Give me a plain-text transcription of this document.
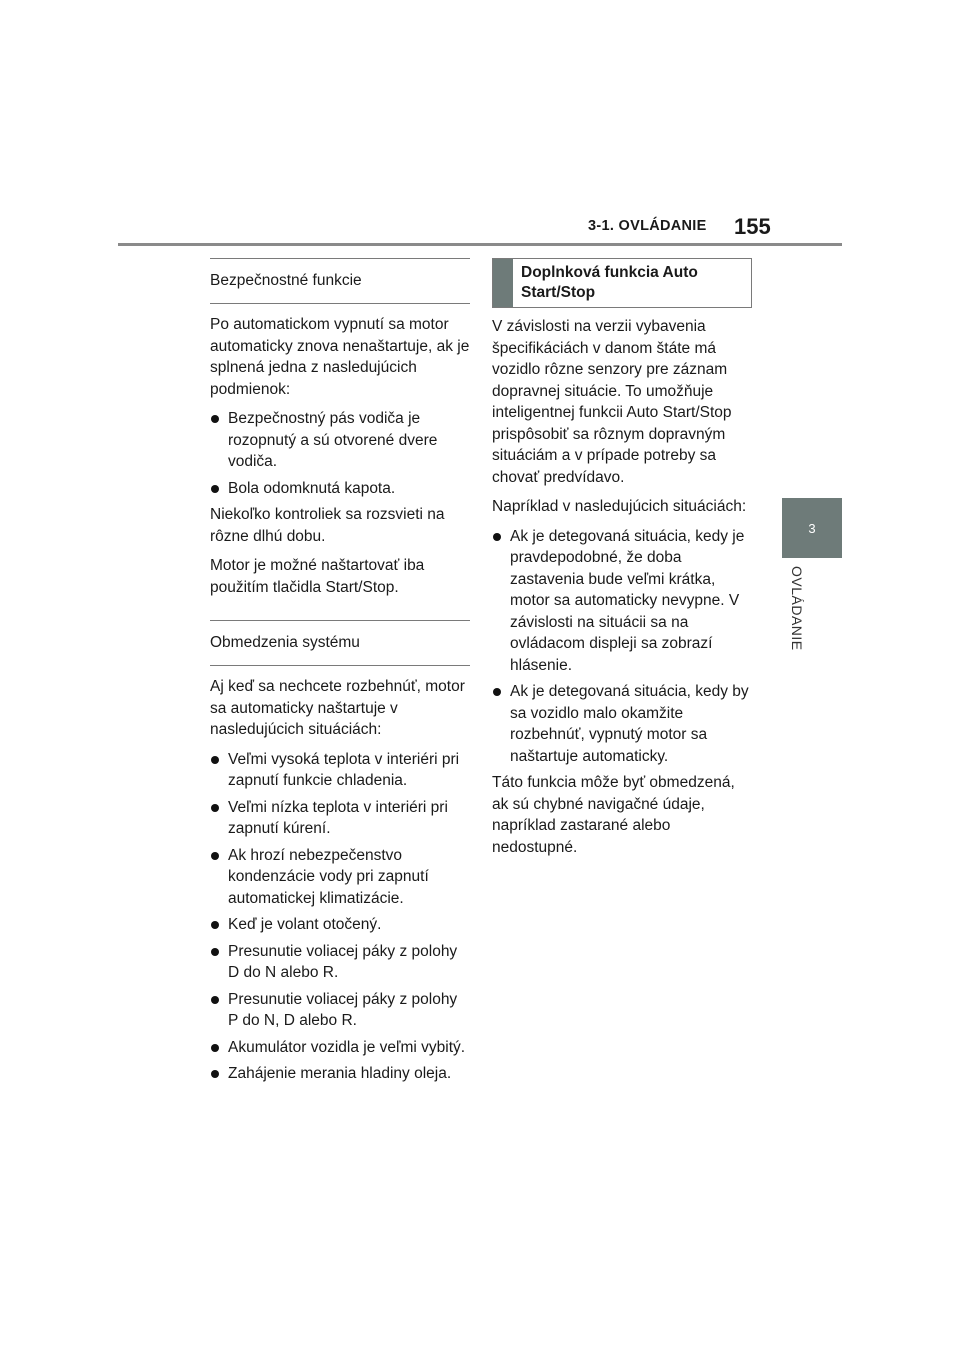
3-1. OVLÁDANIE 155
3
OVLÁDANIE
Bezpečnostné funkcie

Po automatickom vypnutí sa motor automaticky znova nenaštartuje, ak je splnená jedna z nasledujúcich podmienok:

Bezpečnostný pás vodiča je rozopnutý a sú otvorené dvere vodiča.
Bola odomknutá kapota.

Niekoľko kontroliek sa rozsvieti na rôzne dlhú dobu.

Motor je možné naštartovať iba použitím tlačidla Start/Stop.

Obmedzenia systému

Aj keď sa nechcete rozbehnúť, motor sa automaticky naštartuje v nasledujúcich situáciách:

Veľmi vysoká teplota v interiéri pri zapnutí funkcie chladenia.
Veľmi nízka teplota v interiéri pri zapnutí kúrení.
Ak hrozí nebezpečenstvo kondenzácie vody pri zapnutí automatickej klimatizácie.
Keď je volant otočený.
Presunutie voliacej páky z polohy D do N alebo R.
Presunutie voliacej páky z polohy P do N, D alebo R.
Akumulátor vozidla je veľmi vybitý.
Zahájenie merania hladiny oleja.
Doplnková funkcia Auto Start/Stop

V závislosti na verzii vybavenia špecifikáciách v danom štáte má vozidlo rôzne senzory pre záznam dopravnej situácie. To umožňuje inteligentnej funkcii Auto Start/Stop prispôsobiť sa rôznym dopravným situáciám a v prípade potreby sa chovať predvídavo.

Napríklad v nasledujúcich situáciách:

Ak je detegovaná situácia, kedy je pravdepodobné, že doba zastavenia bude veľmi krátka, motor sa automaticky nevypne. V závislosti na situácii sa na ovládacom displeji sa zobrazí hlásenie.
Ak je detegovaná situácia, kedy by sa vozidlo malo okamžite rozbehnúť, vypnutý motor sa naštartuje automaticky.

Táto funkcia môže byť obmedzená, ak sú chybné navigačné údaje, napríklad zastarané alebo nedostupné.
